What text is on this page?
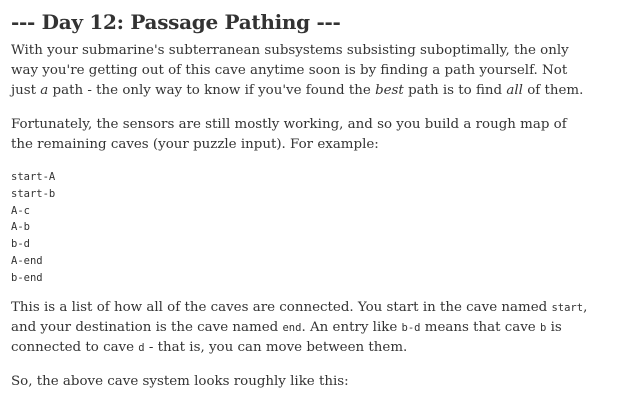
--- Day 12: Passage Pathing ---

With your submarine's subterranean subsystems subsisting suboptimally, the only
way you're getting out of this cave anytime soon is by finding a path yourself. Not
just a path - the only way to know if you've found the best path is to find all of them.

Fortunately, the sensors are still mostly working, and so you build a rough map of
the remaining caves (your puzzle input). For example:

start-A
start-b
A-c
A-b
b-d
A-end
b-end

This is a list of how all of the caves are connected. You start in the cave named start,
and your destination is the cave named end. An entry like b-d means that cave b is
connected to cave d - that is, you can move between them.

So, the above cave system looks roughly like this:
